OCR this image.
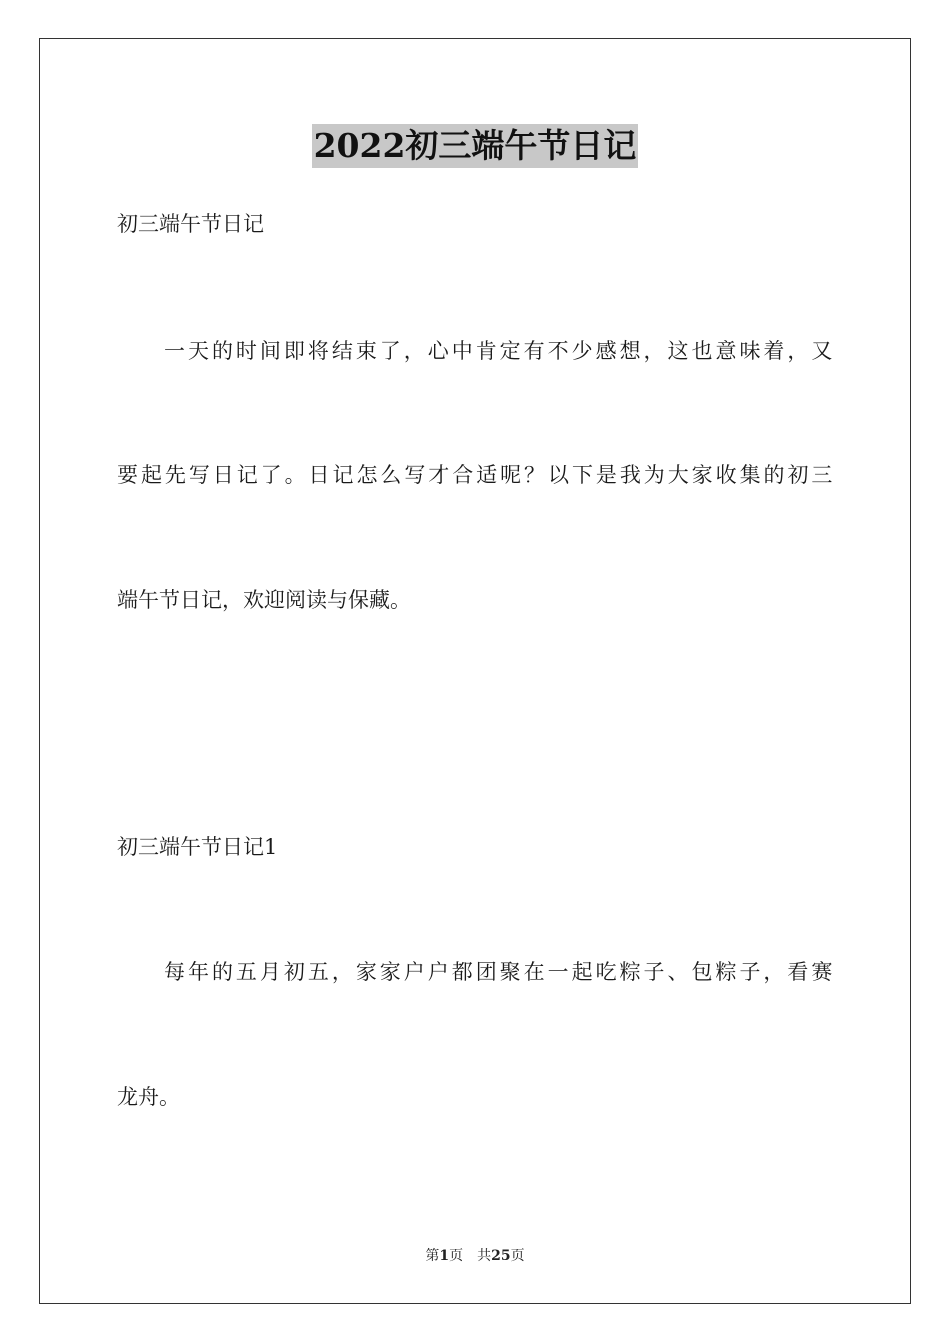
2022初三端午节日记
初三端午节日记
一天的时间即将结束了，心中肯定有不少感想，这也意味着，又
要起先写日记了。日记怎么写才合适呢？以下是我为大家收集的初三
端午节日记，欢迎阅读与保藏。
初三端午节日记1
每年的五月初五，家家户户都团聚在一起吃粽子、包粽子，看赛
龙舟。
第1页 共25页
